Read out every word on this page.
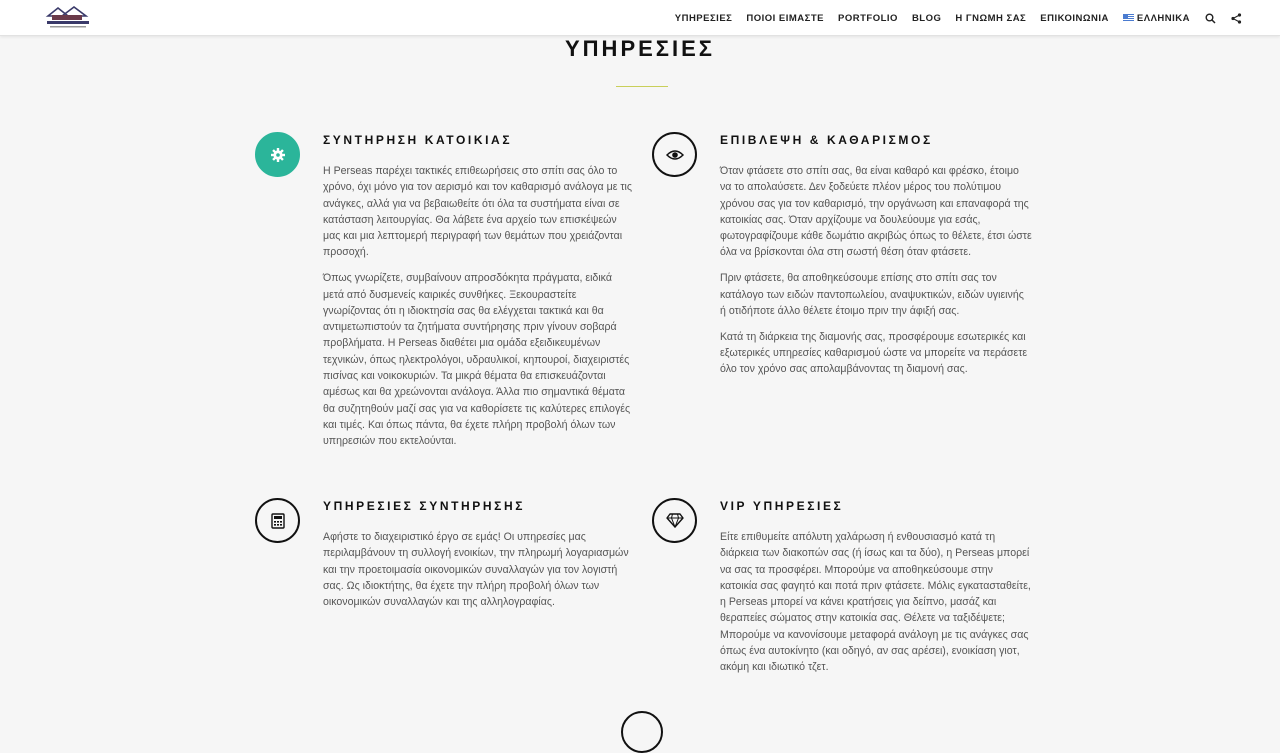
ΥΠΗΡΕΣΙΕΣ ΠΟΙΟΙ ΕΙΜΑΣΤΕ PORTFOLIO BLOG Η ΓΝΩΜΗ ΣΑΣ ΕΠΙΚΟΙΝΩΝΙΑ	ΕΛΛΗΝΙΚΑ
ΥΠΗΡΕΣΙΕΣ
ΣΥΝΤΗΡΗΣΗ ΚΑΤΟΙΚΙΑΣ

Η Perseas παρέχει τακτικές επιθεωρήσεις στο σπίτι σας όλο το χρόνο, όχι μόνο για τον αερισμό και τον καθαρισμό ανάλογα με τις ανάγκες, αλλά για να βεβαιωθείτε ότι όλα τα συστήματα είναι σε κατάσταση λειτουργίας. Θα λάβετε ένα αρχείο των επισκέψεών μας και μια λεπτομερή περιγραφή των θεμάτων που χρειάζονται προσοχή.

Όπως γνωρίζετε, συμβαίνουν απροσδόκητα πράγματα, ειδικά μετά από δυσμενείς καιρικές συνθήκες. Ξεκουραστείτε γνωρίζοντας ότι η ιδιοκτησία σας θα ελέγχεται τακτικά και θα αντιμετωπιστούν τα ζητήματα συντήρησης πριν γίνουν σοβαρά προβλήματα. Η Perseas διαθέτει μια ομάδα εξειδικευμένων τεχνικών, όπως ηλεκτρολόγοι, υδραυλικοί, κηπουροί, διαχειριστές πισίνας και νοικοκυριών. Τα μικρά θέματα θα επισκευάζονται αμέσως και θα χρεώνονται ανάλογα. Άλλα πιο σημαντικά θέματα θα συζητηθούν μαζί σας για να καθορίσετε τις καλύτερες επιλογές και τιμές. Και όπως πάντα, θα έχετε πλήρη προβολή όλων των υπηρεσιών που εκτελούνται.

ΕΠΙΒΛΕΨΗ & ΚΑΘΑΡΙΣΜΟΣ

Όταν φτάσετε στο σπίτι σας, θα είναι καθαρό και φρέσκο, έτοιμο να το απολαύσετε. Δεν ξοδεύετε πλέον μέρος του πολύτιμου χρόνου σας για τον καθαρισμό, την οργάνωση και επαναφορά της κατοικίας σας. Όταν αρχίζουμε να δουλεύουμε για εσάς, φωτογραφίζουμε κάθε δωμάτιο ακριβώς όπως το θέλετε, έτσι ώστε όλα να βρίσκονται όλα στη σωστή θέση όταν φτάσετε.

Πριν φτάσετε, θα αποθηκεύσουμε επίσης στο σπίτι σας τον κατάλογο των ειδών παντοπωλείου, αναψυκτικών, ειδών υγιεινής ή οτιδήποτε άλλο θέλετε έτοιμο πριν την άφιξή σας.

Κατά τη διάρκεια της διαμονής σας, προσφέρουμε εσωτερικές και εξωτερικές υπηρεσίες καθαρισμού ώστε να μπορείτε να περάσετε όλο τον χρόνο σας απολαμβάνοντας τη διαμονή σας.

ΥΠΗΡΕΣΙΕΣ ΣΥΝΤΗΡΗΣΗΣ

Αφήστε το διαχειριστικό έργο σε εμάς! Οι υπηρεσίες μας περιλαμβάνουν τη συλλογή ενοικίων, την πληρωμή λογαριασμών και την προετοιμασία οικονομικών συναλλαγών για τον λογιστή σας. Ως ιδιοκτήτης, θα έχετε την πλήρη προβολή όλων των οικονομικών συναλλαγών και της αλληλογραφίας.

VIP ΥΠΗΡΕΣΙΕΣ

Είτε επιθυμείτε απόλυτη χαλάρωση ή ενθουσιασμό κατά τη διάρκεια των διακοπών σας (ή ίσως και τα δύο), η Perseas μπορεί να σας τα προσφέρει. Μπορούμε να αποθηκεύσουμε στην κατοικία σας φαγητό και ποτά πριν φτάσετε. Μόλις εγκατασταθείτε, η Perseas μπορεί να κάνει κρατήσεις για δείπνο, μασάζ και θεραπείες σώματος στην κατοικία σας. Θέλετε να ταξιδέψετε; Μπορούμε να κανονίσουμε μεταφορά ανάλογη με τις ανάγκες σας όπως ένα αυτοκίνητο (και οδηγό, αν σας αρέσει), ενοικίαση γιοτ, ακόμη και ιδιωτικό τζετ.
